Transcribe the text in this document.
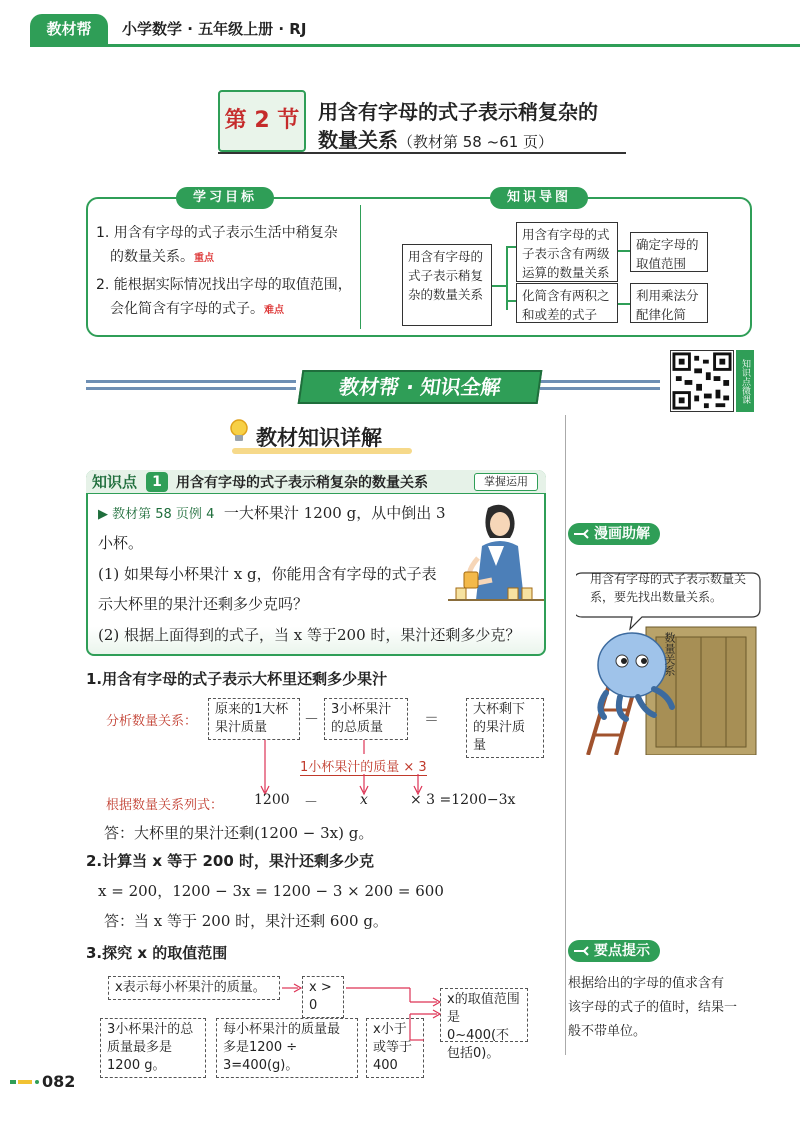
教材帮	小学数学 · 五年级上册 · RJ
第 2 节 用含有字母的式子表示稍复杂的
数量关系（教材第 58 ~61 页）
学习目标	知识导图
1. 用含有字母的式子表示生活中稍复杂
的数量关系。重点
2. 能根据实际情况找出字母的取值范围，
会化简含有字母的式子。难点
用含有字母的式子表示稍复杂的数量关系
用含有字母的式子表示含有两级运算的数量关系
化简含有两积之和或差的式子
确定字母的取值范围
利用乘法分配律化简
教材帮 · 知识全解	知识点微课
教材知识详解
知识点	1	用含有字母的式子表示稍复杂的数量关系	掌握运用
▶ 教材第 58 页例 4 一大杯果汁 1200 g，从中倒出 3
小杯。
(1) 如果每小杯果汁 x g，你能用含有字母的式子表
示大杯里的果汁还剩多少克吗？
(2) 根据上面得到的式子，当 x 等于200 时，果汁还剩多少克？
1.用含有字母的式子表示大杯里还剩多少果汁
分析数量关系：
原来的1大杯果汁质量	－
3小杯果汁的总质量	＝
大杯剩下的果汁质量
1小杯果汁的质量 × 3
根据数量关系列式： 1200 －	x	× 3 =1200−3x
答：大杯里的果汁还剩(1200 − 3x) g。
2.计算当 x 等于 200 时，果汁还剩多少克
x = 200，1200 − 3x = 1200 − 3 × 200 = 600
答：当 x 等于 200 时，果汁还剩 600 g。
3.探究 x 的取值范围
x表示每小杯果汁的质量。	x > 0	x的取值范围是0~400(不包括0)。
3小杯果汁的总质量最多是1200 g。
每小杯果汁的质量最多是1200 ÷ 3=400(g)。
x小于或等于400
漫画助解
用含有字母的式子表示数量关系，要先找出数量关系。
数量关系
要点提示
根据给出的字母的值求含有
该字母的式子的值时，结果一
般不带单位。
082
